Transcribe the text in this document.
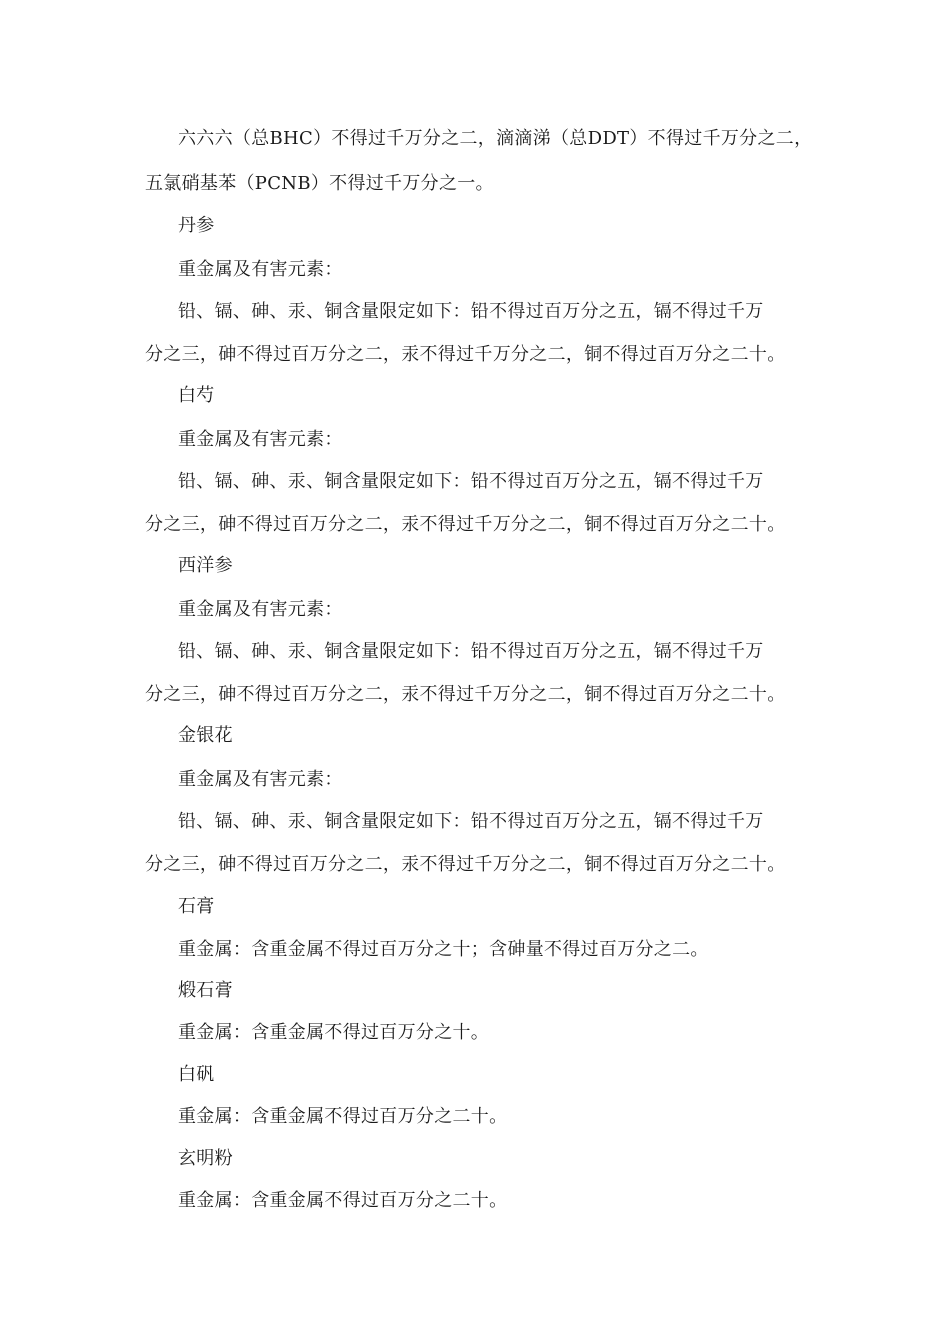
六六六（总BHC）不得过千万分之二，滴滴涕（总DDT）不得过千万分之二，
五氯硝基苯（PCNB）不得过千万分之一。
丹参
重金属及有害元素：
铅、镉、砷、汞、铜含量限定如下：铅不得过百万分之五，镉不得过千万
分之三，砷不得过百万分之二，汞不得过千万分之二，铜不得过百万分之二十。
白芍
重金属及有害元素：
铅、镉、砷、汞、铜含量限定如下：铅不得过百万分之五，镉不得过千万
分之三，砷不得过百万分之二，汞不得过千万分之二，铜不得过百万分之二十。
西洋参
重金属及有害元素：
铅、镉、砷、汞、铜含量限定如下：铅不得过百万分之五，镉不得过千万
分之三，砷不得过百万分之二，汞不得过千万分之二，铜不得过百万分之二十。
金银花
重金属及有害元素：
铅、镉、砷、汞、铜含量限定如下：铅不得过百万分之五，镉不得过千万
分之三，砷不得过百万分之二，汞不得过千万分之二，铜不得过百万分之二十。
石膏
重金属：含重金属不得过百万分之十；含砷量不得过百万分之二。
煅石膏
重金属：含重金属不得过百万分之十。
白矾
重金属：含重金属不得过百万分之二十。
玄明粉
重金属：含重金属不得过百万分之二十。
